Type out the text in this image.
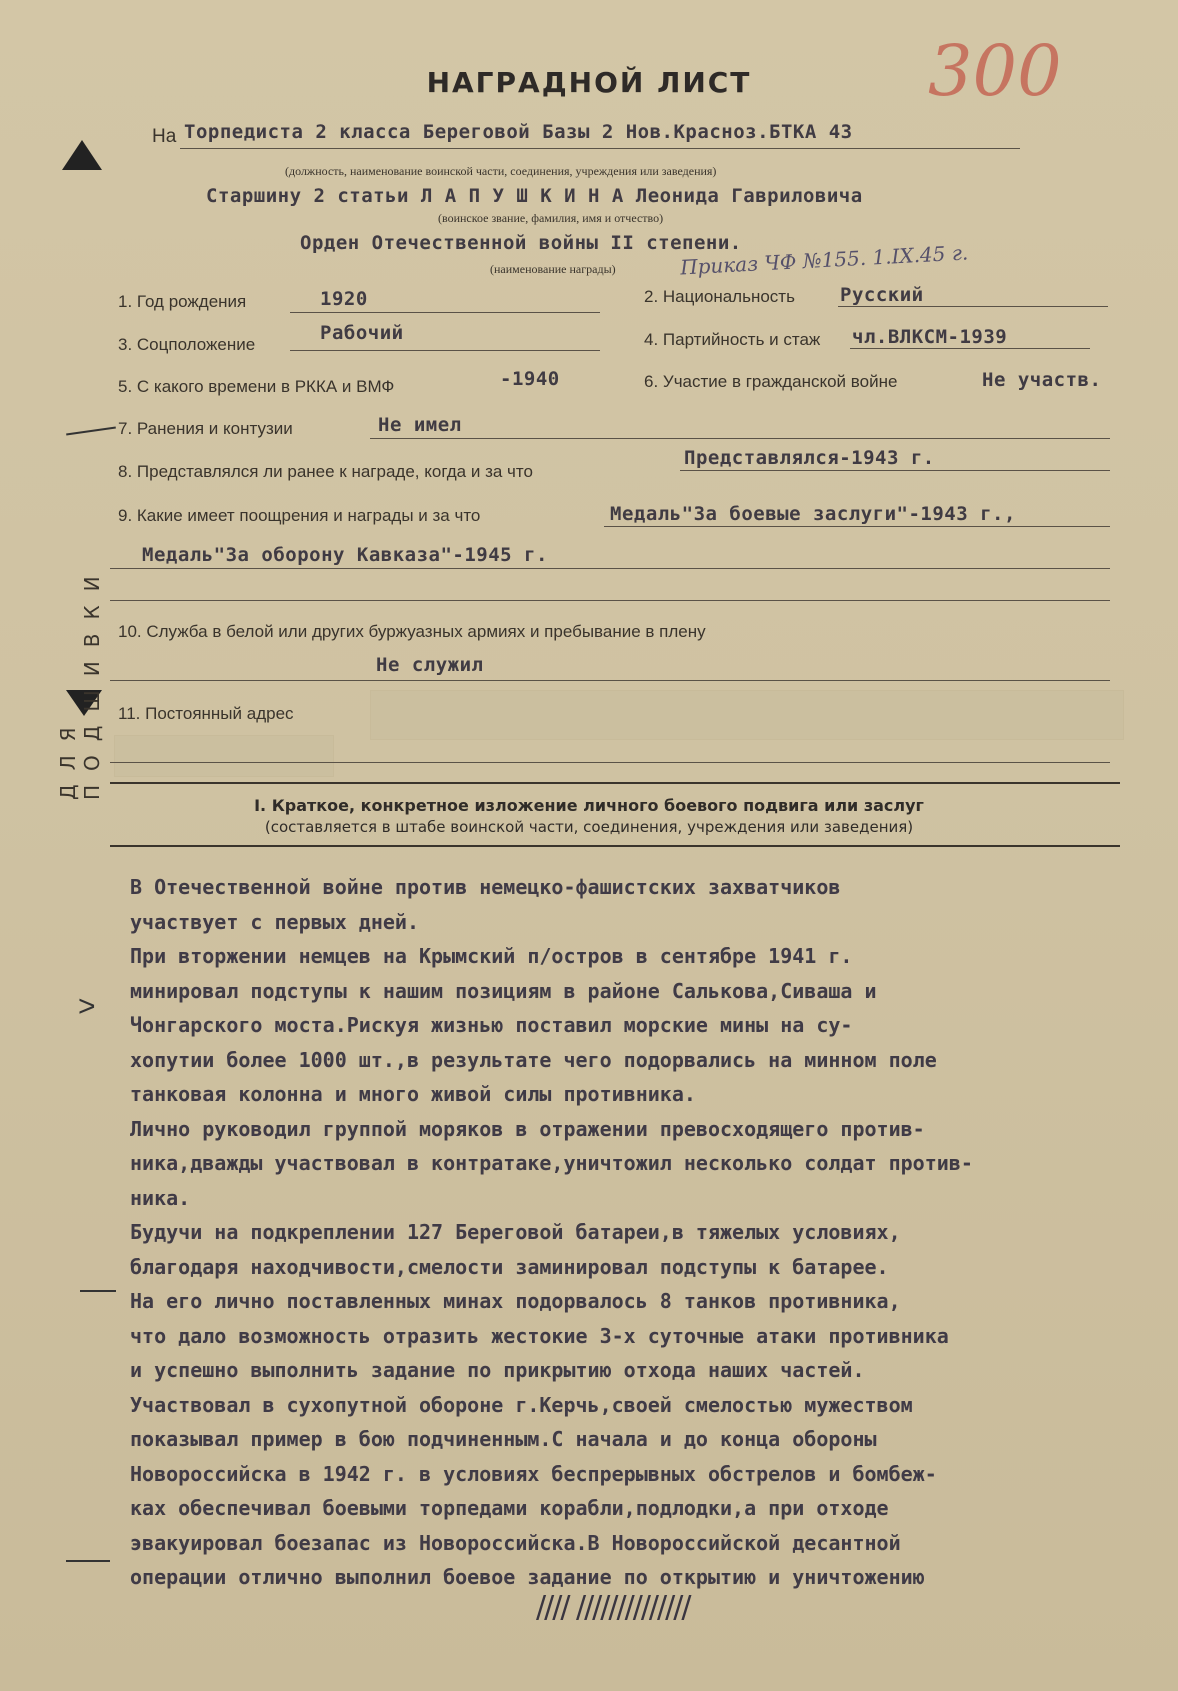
300
НАГРАДНОЙ ЛИСТ
>
ДЛЯ ПОДШИВКИ
На Торпедиста 2 класса Береговой Базы 2 Нов.Красноз.БТКА 43
(должность, наименование воинской части, соединения, учреждения или заведения)
Старшину 2 статьи Л А П У Ш К И Н А Леонида Гавриловича
(воинское звание, фамилия, имя и отчество)
Орден Отечественной войны II степени.
(наименование награды)	Приказ ЧФ №155. 1.IX.45 г.
1. Год рождения	1920	2. Национальность Русский
3. Соцположение
Рабочий	4. Партийность и стаж чл.ВЛКСМ-1939
5. С какого времени в РККА и ВМФ	-1940	6. Участие в гражданской войне	Не участв.
7. Ранения и контузии	Не имел
8. Представлялся ли ранее к награде, когда и за что
Представлялся-1943 г.
9. Какие имеет поощрения и награды и за что	Медаль"За боевые заслуги"-1943 г.,
Медаль"За оборону Кавказа"-1945 г.
10. Служба в белой или других буржуазных армиях и пребывание в плену
Не служил
11. Постоянный адрес
I. Краткое, конкретное изложение личного боевого подвига или заслуг
(составляется в штабе воинской части, соединения, учреждения или заведения)
В Отечественной войне против немецко-фашистских захватчиков
участвует с первых дней.
При вторжении немцев на Крымский п/остров в сентябре 1941 г.
минировал подступы к нашим позициям в районе Салькова,Сиваша и
Чонгарского моста.Рискуя жизнью поставил морские мины на су-
хопутии более 1000 шт.,в результате чего подорвались на минном поле
танковая колонна и много живой силы противника.
Лично руководил группой моряков в отражении превосходящего против-
ника,дважды участвовал в контратаке,уничтожил несколько солдат против-
ника.
Будучи на подкреплении 127 Береговой батареи,в тяжелых условиях,
благодаря находчивости,смелости заминировал подступы к батарее.
На его лично поставленных минах подорвалось 8 танков противника,
что дало возможность отразить жестокие 3-х суточные атаки противника
и успешно выполнить задание по прикрытию отхода наших частей.
Участвовал в сухопутной обороне г.Керчь,своей смелостью мужеством
показывал пример в бою подчиненным.С начала и до конца обороны
Новороссийска в 1942 г. в условиях беспрерывных обстрелов и бомбеж-
ках обеспечивал боевыми торпедами корабли,подлодки,а при отходе
эвакуировал боезапас из Новороссийска.В Новороссийской десантной
операции отлично выполнил боевое задание по открытию и уничтожению
//// //////////////
